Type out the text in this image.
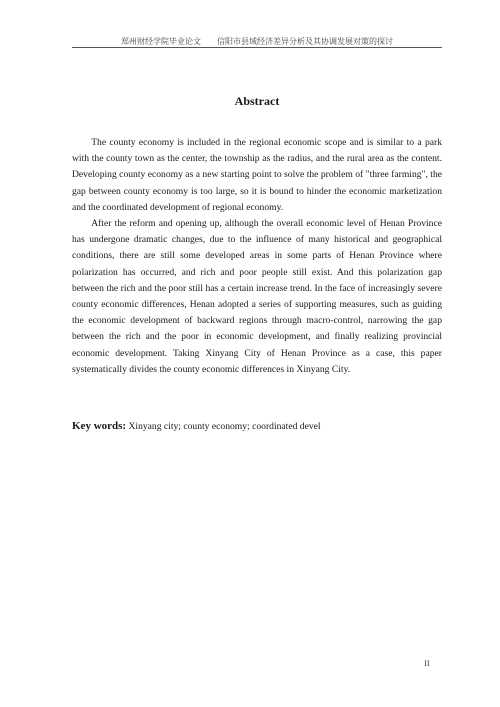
郑州财经学院毕业论文 信阳市县域经济差异分析及其协调发展对策的探讨
Abstract

The county economy is included in the regional economic scope and is similar to a park with the county town as the center, the township as the radius, and the rural area as the content. Developing county economy as a new starting point to solve the problem of "three farming", the gap between county economy is too large, so it is bound to hinder the economic marketization and the coordinated development of regional economy.

After the reform and opening up, although the overall economic level of Henan Province has undergone dramatic changes, due to the influence of many historical and geographical conditions, there are still some developed areas in some parts of Henan Province where polarization has occurred, and rich and poor people still exist. And this polarization gap between the rich and the poor still has a certain increase trend. In the face of increasingly severe county economic differences, Henan adopted a series of supporting measures, such as guiding the economic development of backward regions through macro-control, narrowing the gap between the rich and the poor in economic development, and finally realizing provincial economic development. Taking Xinyang City of Henan Province as a case, this paper systematically divides the county economic differences in Xinyang City.

Key words: Xinyang city; county economy; coordinated devel
II
